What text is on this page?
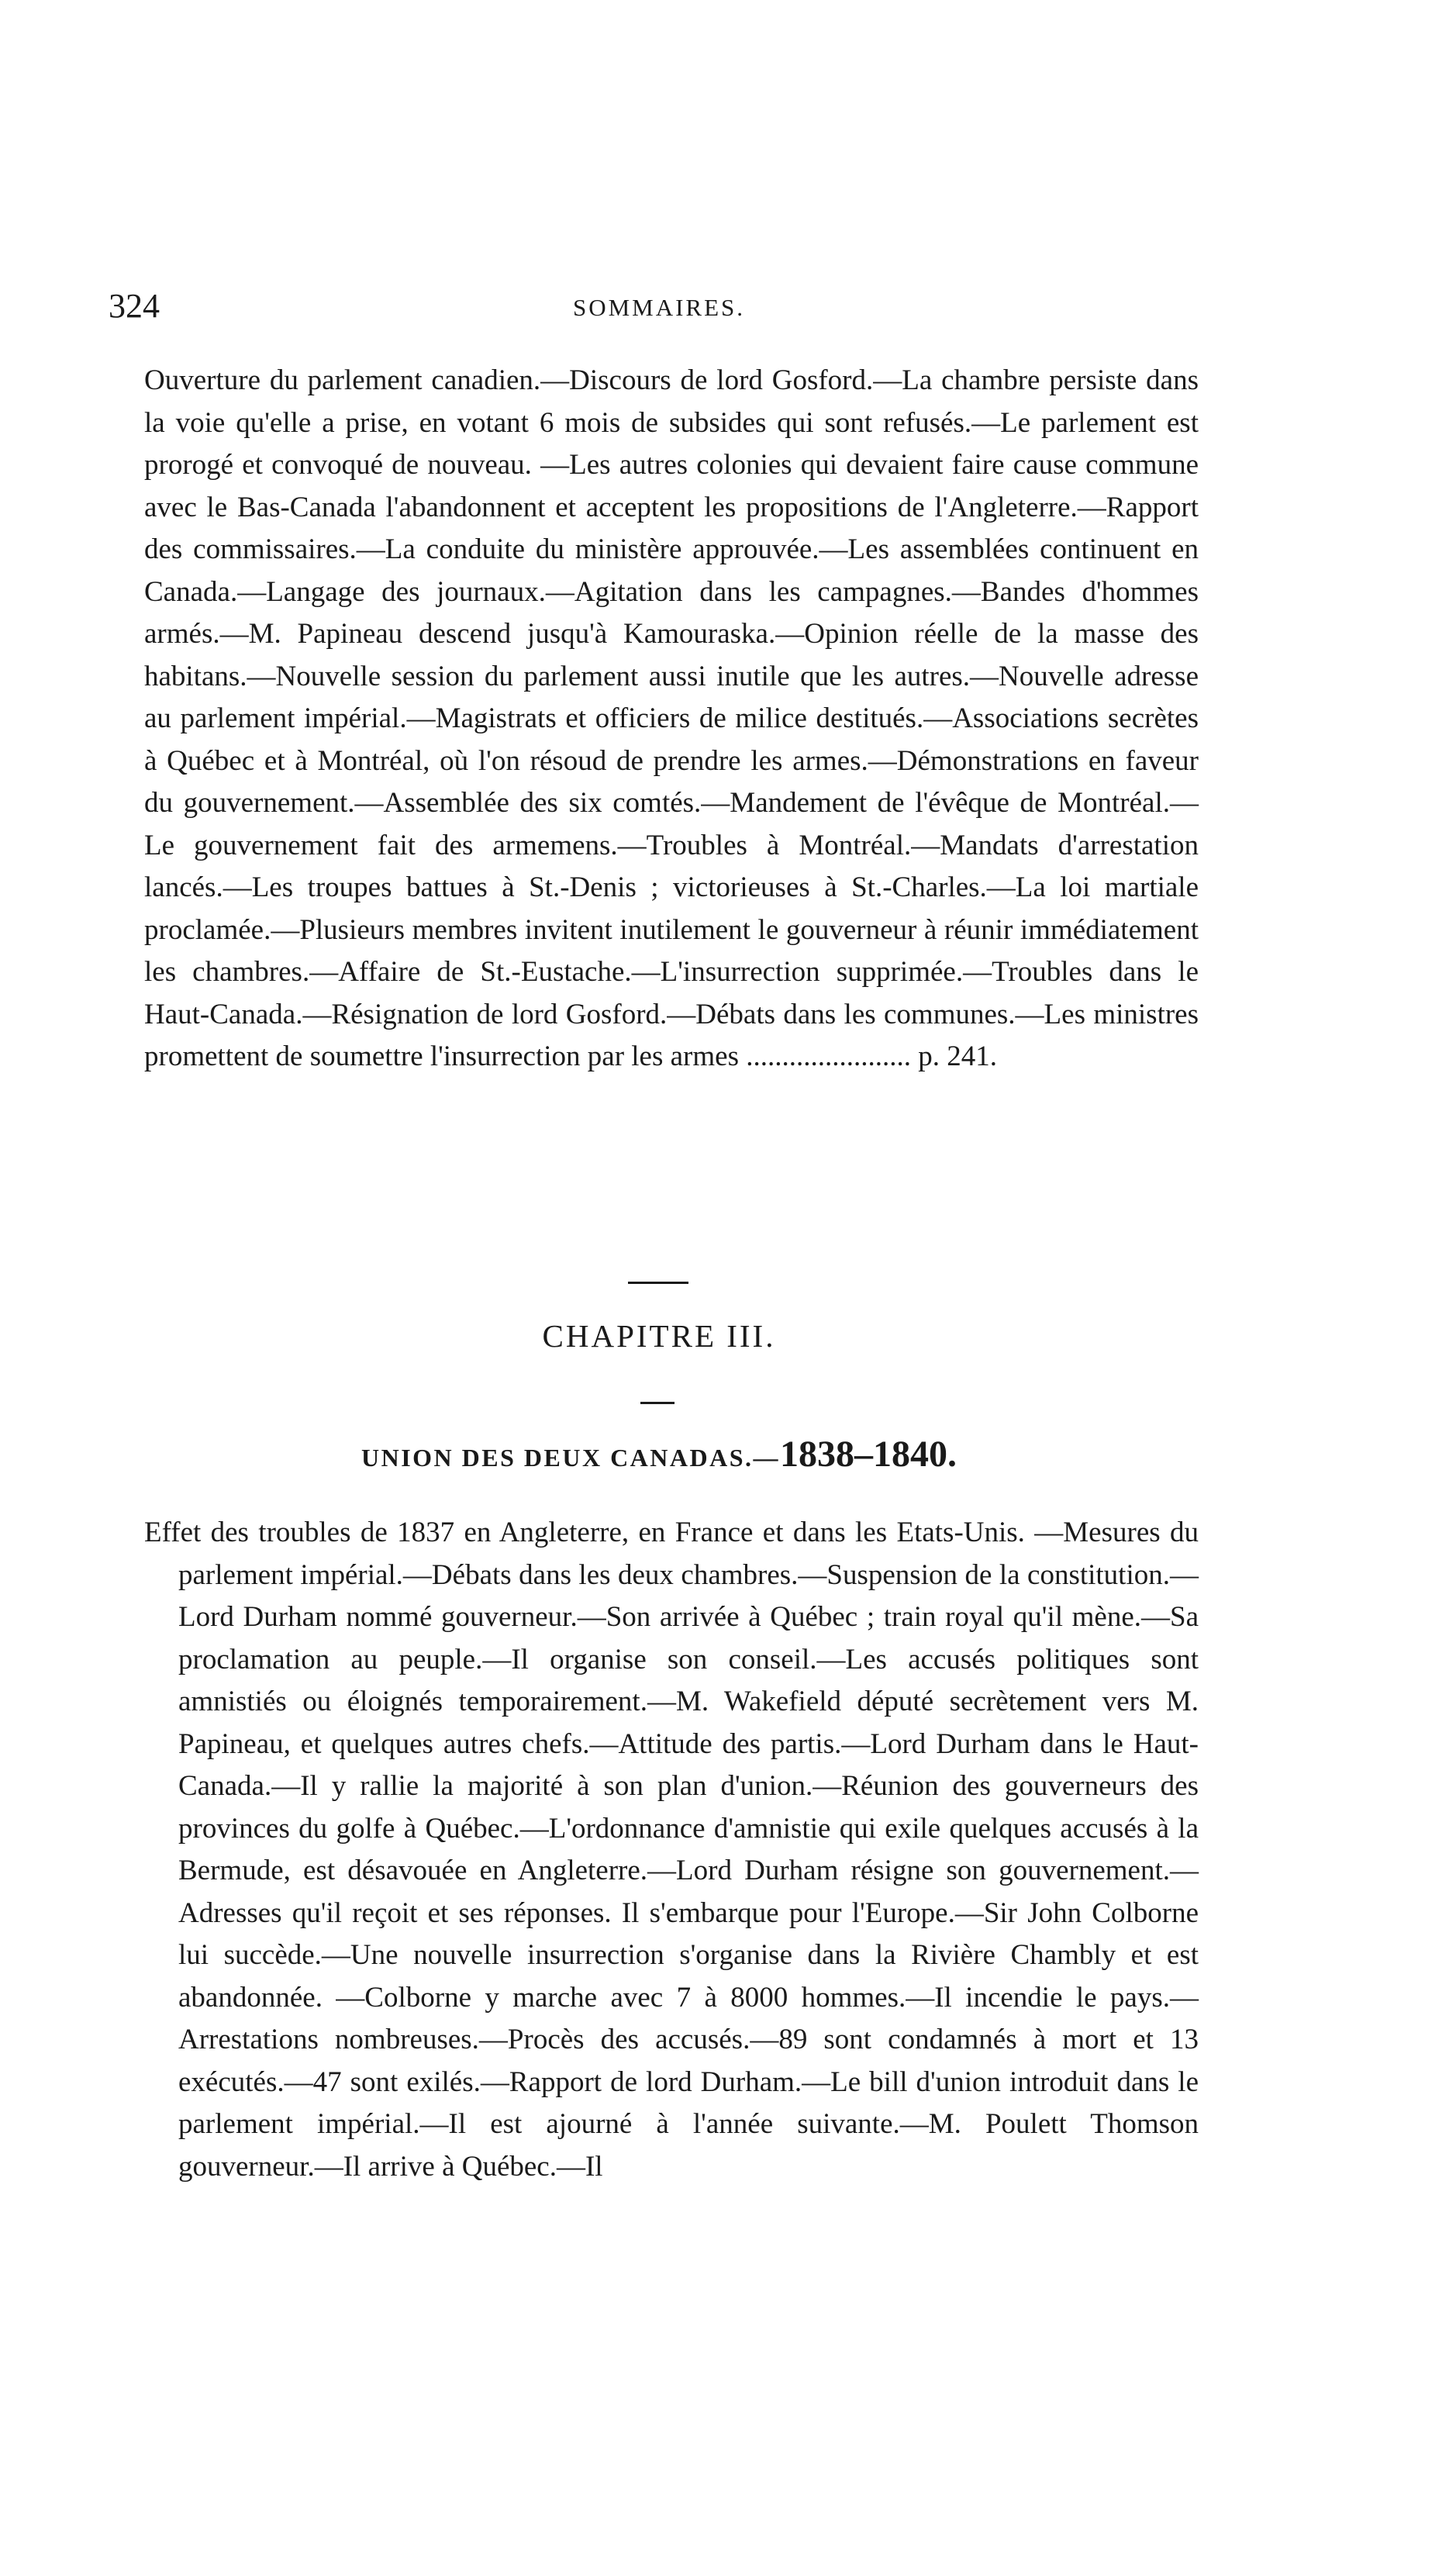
324	SOMMAIRES.
Ouverture du parlement canadien.—Discours de lord Gosford.—La chambre persiste dans la voie qu'elle a prise, en votant 6 mois de subsides qui sont refusés.—Le parlement est prorogé et convoqué de nouveau. —Les autres colonies qui devaient faire cause commune avec le Bas-Canada l'abandonnent et acceptent les propositions de l'Angleterre.—Rapport des commissaires.—La conduite du ministère approuvée.—Les assemblées continuent en Canada.—Langage des journaux.—Agitation dans les campagnes.—Bandes d'hommes armés.—M. Papineau descend jusqu'à Kamouraska.—Opinion réelle de la masse des habitans.—Nouvelle session du parlement aussi inutile que les autres.—Nouvelle adresse au parlement impérial.—Magistrats et officiers de milice destitués.—Associations secrètes à Québec et à Montréal, où l'on résoud de prendre les armes.—Démonstrations en faveur du gouvernement.—Assemblée des six comtés.—Mandement de l'évêque de Montréal.—Le gouvernement fait des armemens.—Troubles à Montréal.—Mandats d'arrestation lancés.—Les troupes battues à St.-Denis ; victorieuses à St.-Charles.—La loi martiale proclamée.—Plusieurs membres invitent inutilement le gouverneur à réunir immédiatement les chambres.—Affaire de St.-Eustache.—L'insurrection supprimée.—Troubles dans le Haut-Canada.—Résignation de lord Gosford.—Débats dans les communes.—Les ministres promettent de soumettre l'insurrection par les armes ....................... p. 241.
CHAPITRE III.
UNION DES DEUX CANADAS.—1838–1840.
Effet des troubles de 1837 en Angleterre, en France et dans les Etats-Unis. —Mesures du parlement impérial.—Débats dans les deux chambres.—Suspension de la constitution.—Lord Durham nommé gouverneur.—Son arrivée à Québec ; train royal qu'il mène.—Sa proclamation au peuple.—Il organise son conseil.—Les accusés politiques sont amnistiés ou éloignés temporairement.—M. Wakefield député secrètement vers M. Papineau, et quelques autres chefs.—Attitude des partis.—Lord Durham dans le Haut-Canada.—Il y rallie la majorité à son plan d'union.—Réunion des gouverneurs des provinces du golfe à Québec.—L'ordonnance d'amnistie qui exile quelques accusés à la Bermude, est désavouée en Angleterre.—Lord Durham résigne son gouvernement.—Adresses qu'il reçoit et ses réponses. Il s'embarque pour l'Europe.—Sir John Colborne lui succède.—Une nouvelle insurrection s'organise dans la Rivière Chambly et est abandonnée. —Colborne y marche avec 7 à 8000 hommes.—Il incendie le pays.—Arrestations nombreuses.—Procès des accusés.—89 sont condamnés à mort et 13 exécutés.—47 sont exilés.—Rapport de lord Durham.—Le bill d'union introduit dans le parlement impérial.—Il est ajourné à l'année suivante.—M. Poulett Thomson gouverneur.—Il arrive à Québec.—Il
